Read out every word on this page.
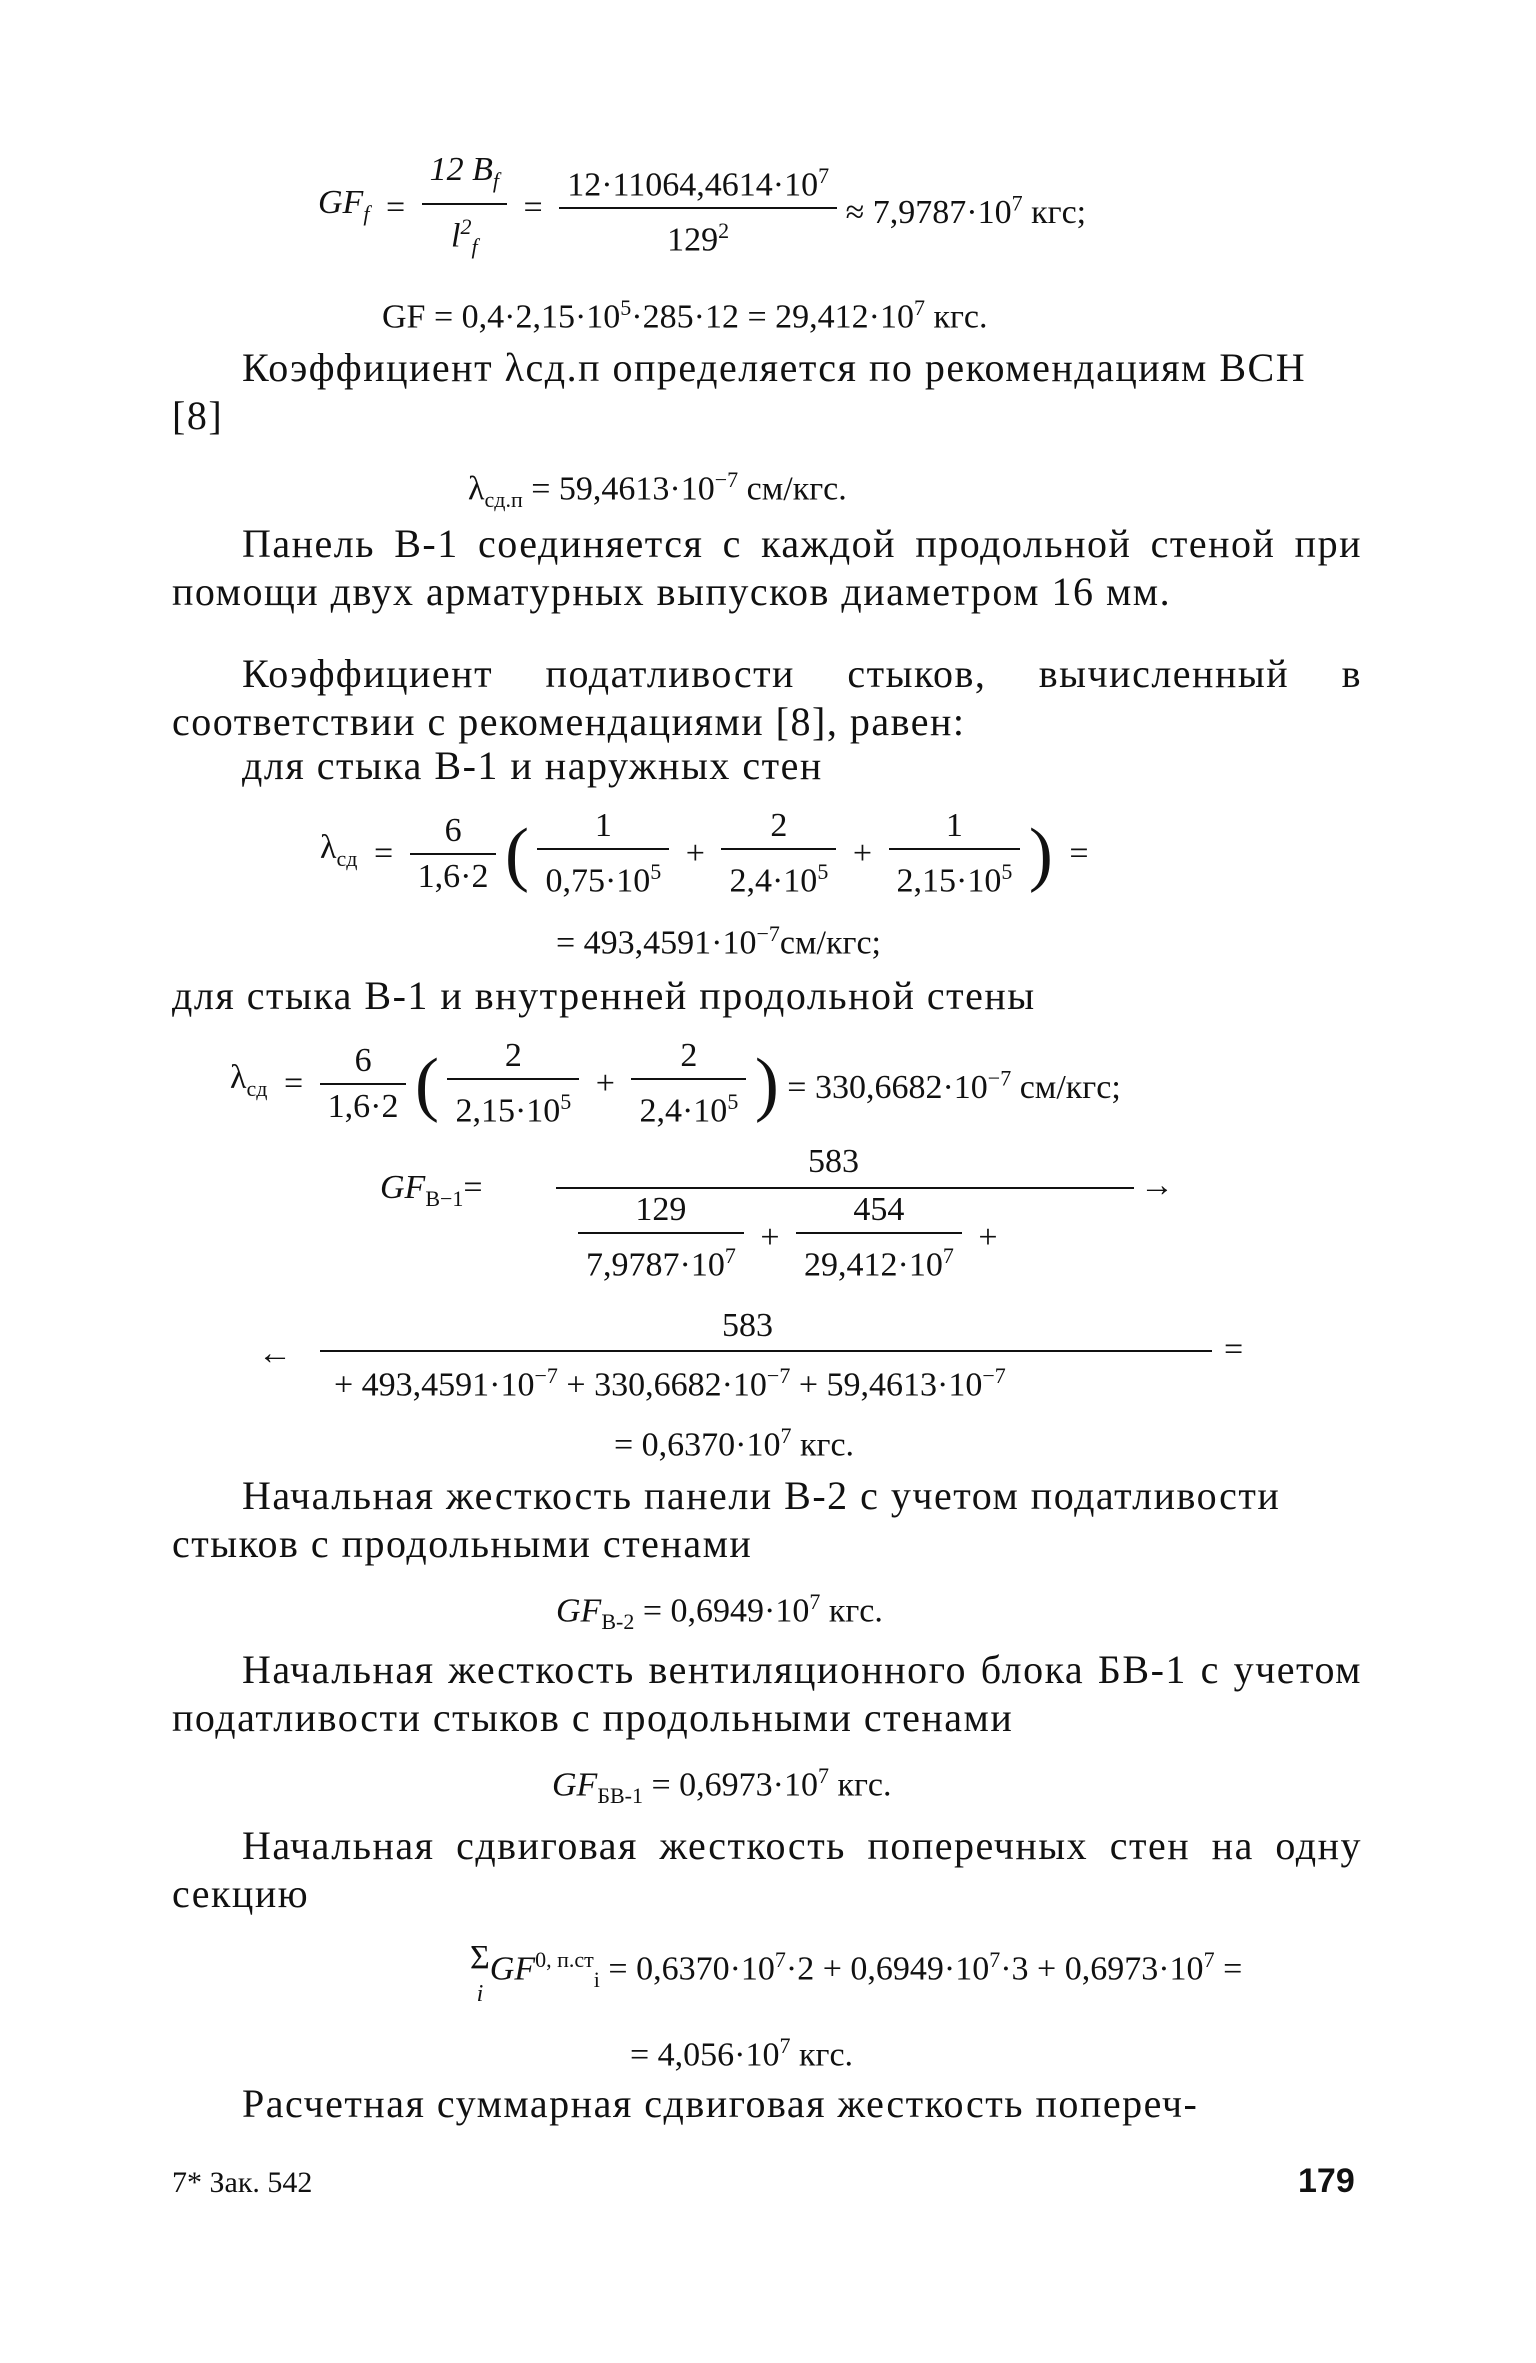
$GF_f = \frac{12 B_f}{l^2_f} = \frac{12\cdot 11064,4614\cdot 10^7}{129^2} \approx 7,9787\cdot 10^7$ кгс;
GF = $0,4\cdot 2,15\cdot 10^5\cdot 285\cdot 12 = 29,412\cdot 10^7$ кгс.
Коэффициент λсд.п определяется по рекомендациям ВСН [8]
$\lambda_{сд.п} = 59,4613\cdot 10^{-7}$ см/кгс.
Панель В-1 соединяется с каждой продольной стеной при помощи двух арматурных выпусков диаметром 16 мм.
Коэффициент податливости стыков, вычисленный в соответствии с рекомендациями [8], равен:
для стыка В-1 и наружных стен
$\lambda_{сд} = \frac{6}{1,6\cdot 2}$ ( $\frac{1}{0,75\cdot 10^5} + \frac{2}{2,4\cdot 10^5} + \frac{1}{2,15\cdot 10^5}$ ) =
= $493,4591\cdot 10^{-7}см$/кгс;
для стыка В-1 и внутренней продольной стены
$\lambda_{сд} = \frac{6}{1,6\cdot 2}$ ( $\frac{2}{2,15\cdot 10^5} + \frac{2}{2,4\cdot 10^5}$ ) = $330,6682\cdot 10^{-7}$ см/кгс;
$GF_{В-1}=$
583
→
$\frac{129}{7,9787\cdot 10^7} + \frac{454}{29,412\cdot 10^7}$ +
←
583
+ $493,4591\cdot 10^{-7} + 330,6682\cdot 10^{-7} + 59,4613\cdot 10^{-7}$
=
= $0,6370\cdot 10^7$ кгс.
Начальная жесткость панели В-2 с учетом податливости стыков с продольными стенами
$GF_{В-2} = 0,6949\cdot 10^7$ кгс.
Начальная жесткость вентиляционного блока БВ-1 с учетом податливости стыков с продольными стенами
$GF_{БВ-1} = 0,6973\cdot 10^7$ кгс.
Начальная сдвиговая жесткость поперечных стен на одну секцию
Σ
i
$GF^{0, п.ст}_i = 0,6370\cdot 10^7\cdot 2 + 0,6949\cdot 10^7\cdot 3 + 0,6973\cdot 10^7$ =
= $4,056\cdot 10^7$ кгс.
Расчетная суммарная сдвиговая жесткость попереч-
7* Зак. 542	179
